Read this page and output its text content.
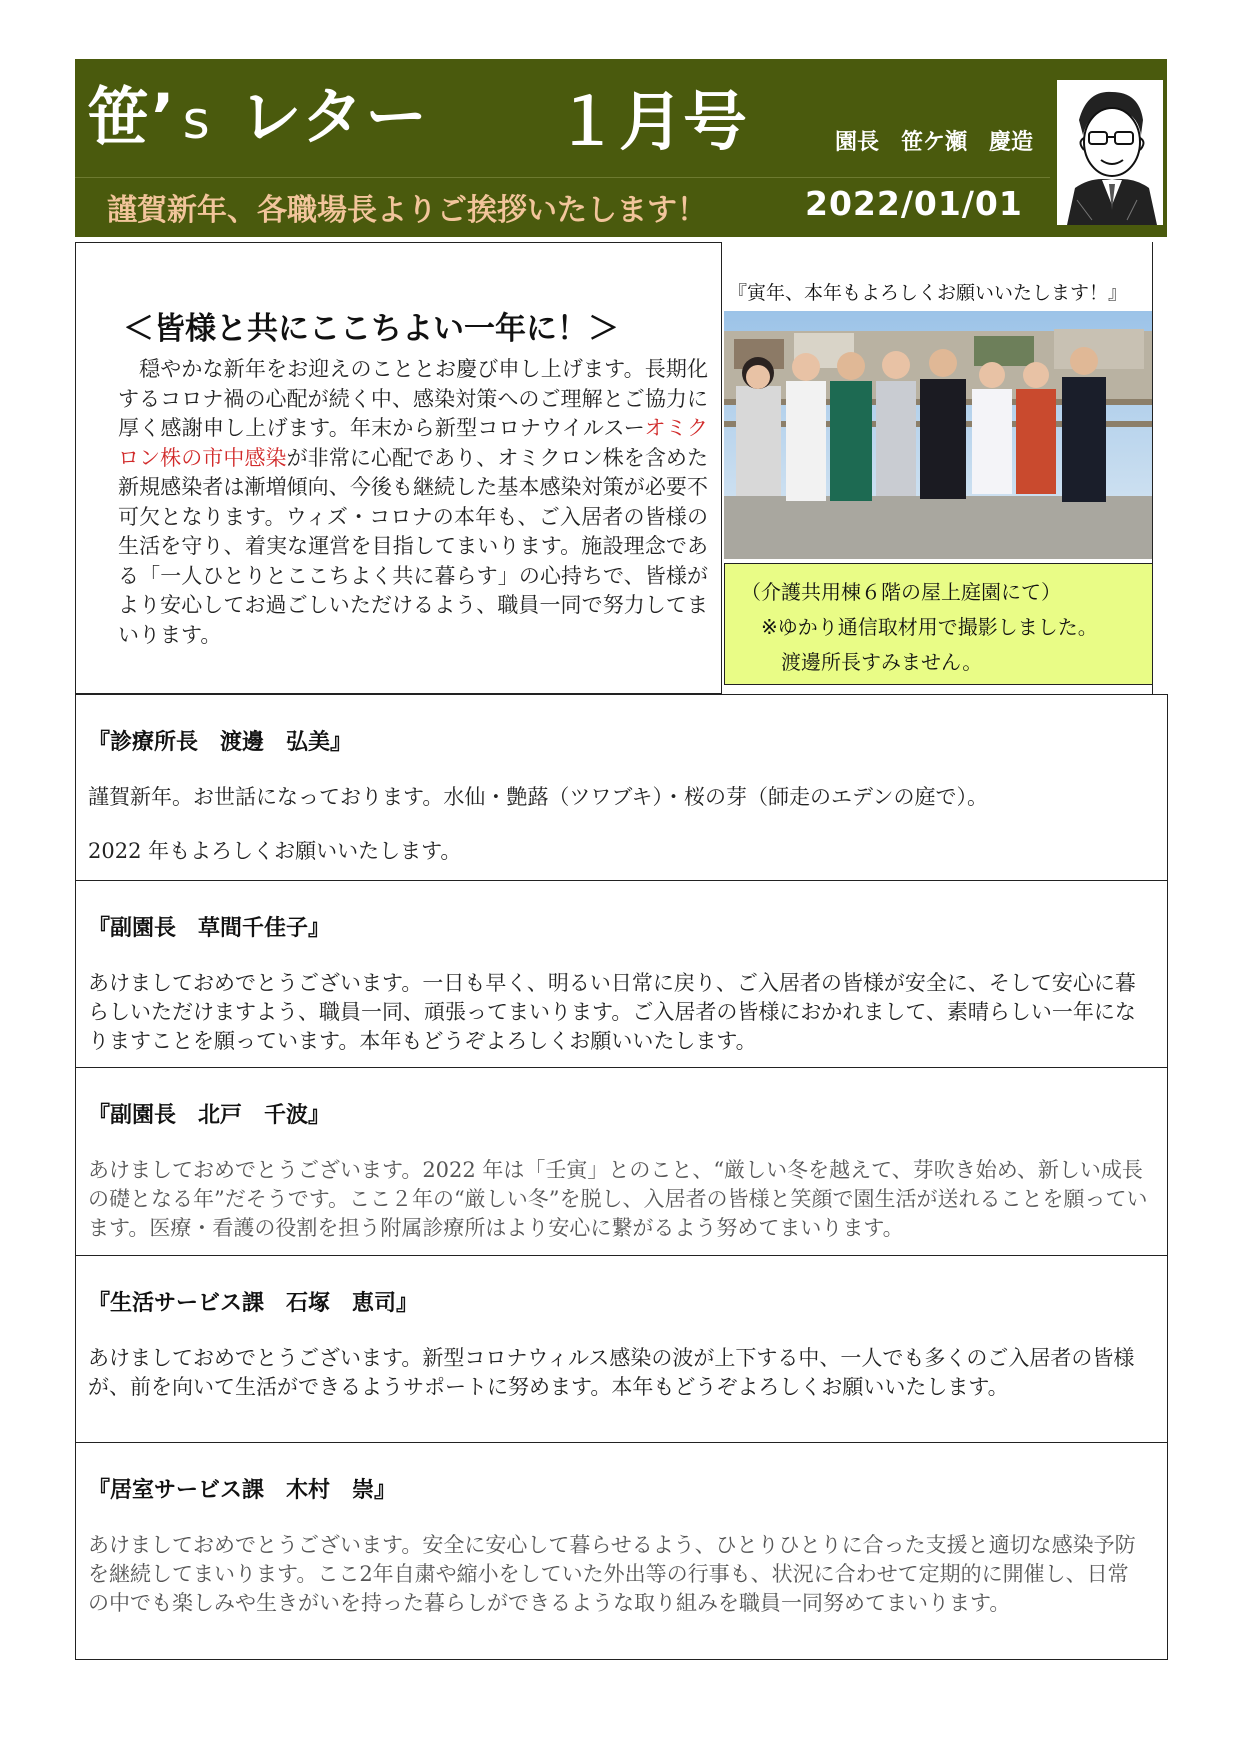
笹’ s レター １月号	園長　笹ケ瀬　慶造
謹賀新年、各職場長よりご挨拶いたします！	2022/01/01
＜皆様と共にここちよい一年に！＞
　穏やかな新年をお迎えのこととお慶び申し上げます。長期化するコロナ禍の心配が続く中、感染対策へのご理解とご協力に厚く感謝申し上げます。年末から新型コロナウイルスーオミクロン株の市中感染が非常に心配であり、オミクロン株を含めた新規感染者は漸増傾向、今後も継続した基本感染対策が必要不可欠となります。ウィズ・コロナの本年も、ご入居者の皆様の生活を守り、着実な運営を目指してまいります。施設理念である「一人ひとりとここちよく共に暮らす」の心持ちで、皆様がより安心してお過ごしいただけるよう、職員一同で努力してまいります。
『寅年、本年もよろしくお願いいたします！』
（介護共用棟６階の屋上庭園にて）
※ゆかり通信取材用で撮影しました。
渡邊所長すみません。
『診療所長　渡邊　弘美』
謹賀新年。お世話になっております。水仙・艶蕗（ツワブキ）・桜の芽（師走のエデンの庭で）。
2022 年もよろしくお願いいたします。
『副園長　草間千佳子』
あけましておめでとうございます。一日も早く、明るい日常に戻り、ご入居者の皆様が安全に、そして安心に暮らしいただけますよう、職員一同、頑張ってまいります。ご入居者の皆様におかれまして、素晴らしい一年になりますことを願っています。本年もどうぞよろしくお願いいたします。
『副園長　北戸　千波』
あけましておめでとうございます。2022 年は「壬寅」とのこと、“厳しい冬を越えて、芽吹き始め、新しい成長の礎となる年”だそうです。ここ２年の“厳しい冬”を脱し、入居者の皆様と笑顔で園生活が送れることを願っています。医療・看護の役割を担う附属診療所はより安心に繋がるよう努めてまいります。
『生活サービス課　石塚　恵司』
あけましておめでとうございます。新型コロナウィルス感染の波が上下する中、一人でも多くのご入居者の皆様が、前を向いて生活ができるようサポートに努めます。本年もどうぞよろしくお願いいたします。
『居室サービス課　木村　崇』
あけましておめでとうございます。安全に安心して暮らせるよう、ひとりひとりに合った支援と適切な感染予防を継続してまいります。ここ2年自粛や縮小をしていた外出等の行事も、状況に合わせて定期的に開催し、日常の中でも楽しみや生きがいを持った暮らしができるような取り組みを職員一同努めてまいります。
